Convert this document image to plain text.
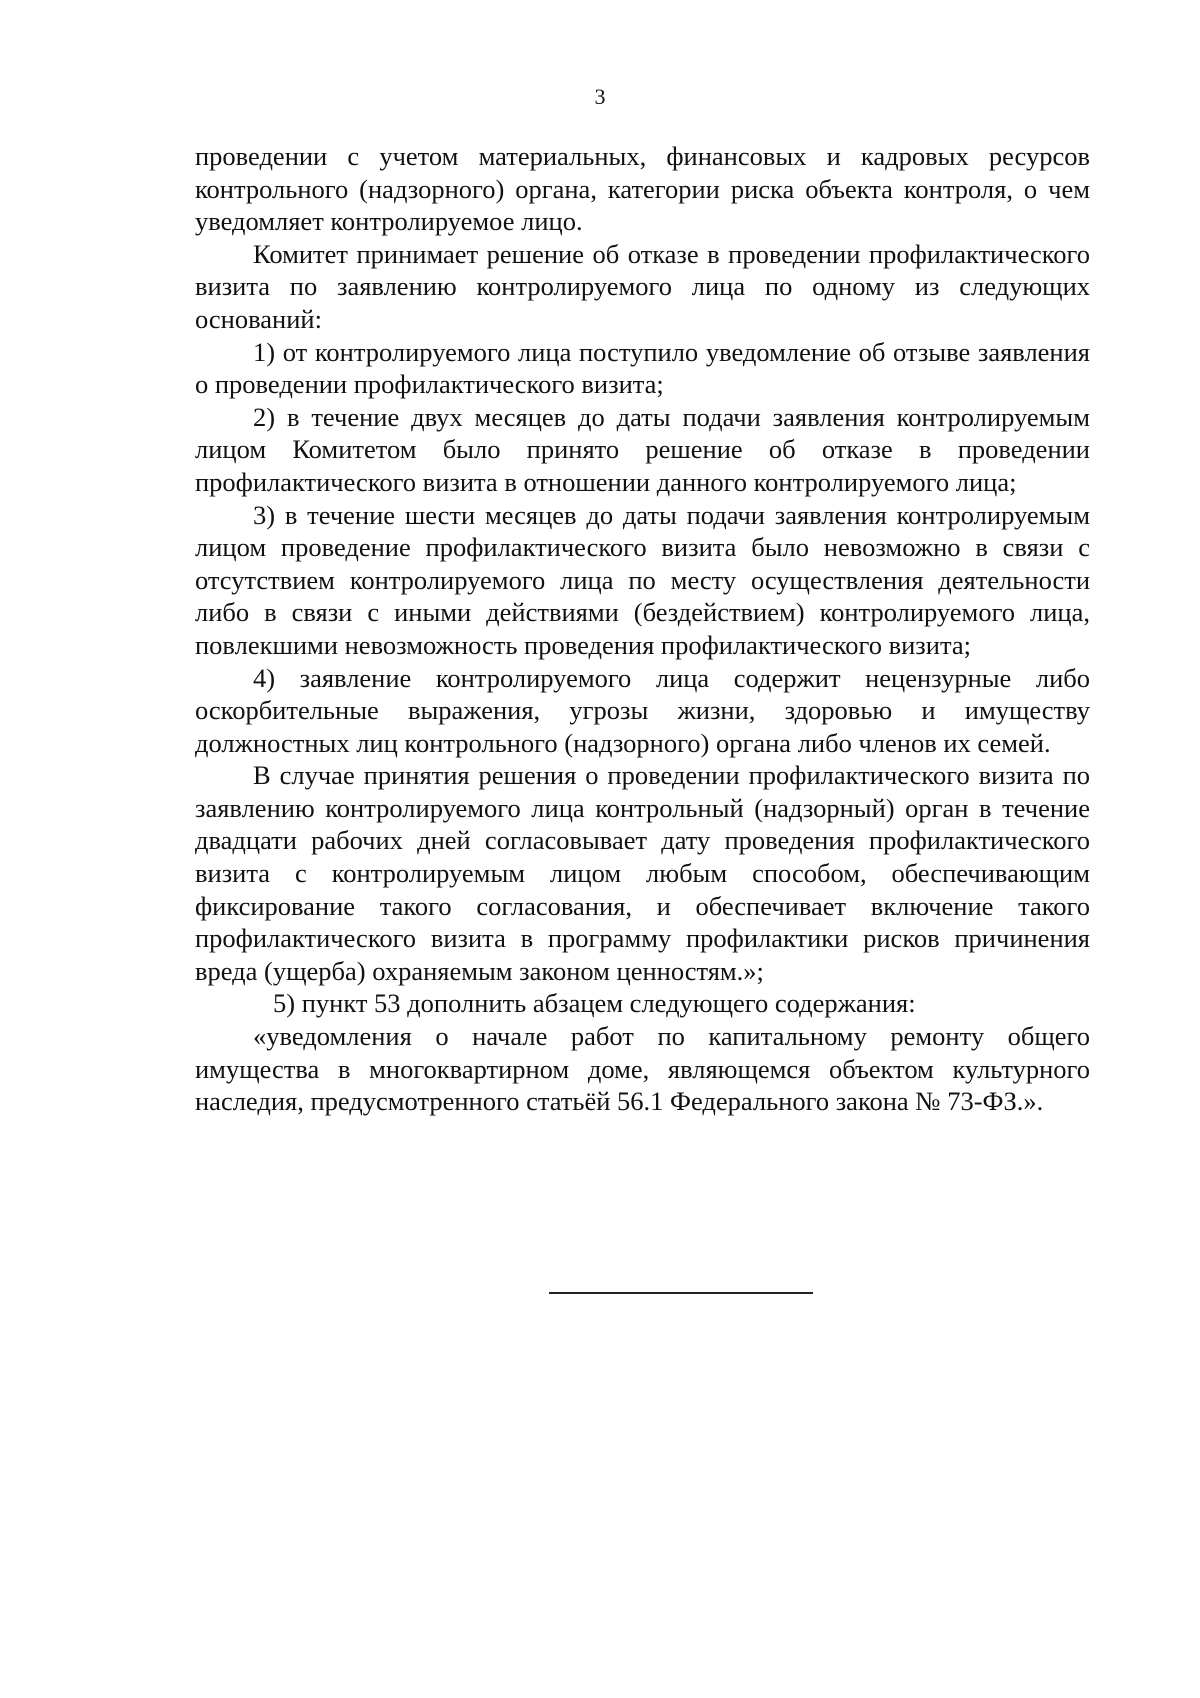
3

проведении с учетом материальных, финансовых и кадровых ресурсов контрольного (надзорного) органа, категории риска объекта контроля, о чем уведомляет контролируемое лицо.

Комитет принимает решение об отказе в проведении профилактического визита по заявлению контролируемого лица по одному из следующих оснований:

1) от контролируемого лица поступило уведомление об отзыве заявления о проведении профилактического визита;

2) в течение двух месяцев до даты подачи заявления контролируемым лицом Комитетом было принято решение об отказе в проведении профилактического визита в отношении данного контролируемого лица;

3) в течение шести месяцев до даты подачи заявления контролируемым лицом проведение профилактического визита было невозможно в связи с отсутствием контролируемого лица по месту осуществления деятельности либо в связи с иными действиями (бездействием) контролируемого лица, повлекшими невозможность проведения профилактического визита;

4) заявление контролируемого лица содержит нецензурные либо оскорбительные выражения, угрозы жизни, здоровью и имуществу должностных лиц контрольного (надзорного) органа либо членов их семей.

В случае принятия решения о проведении профилактического визита по заявлению контролируемого лица контрольный (надзорный) орган в течение двадцати рабочих дней согласовывает дату проведения профилактического визита с контролируемым лицом любым способом, обеспечивающим фиксирование такого согласования, и обеспечивает включение такого профилактического визита в программу профилактики рисков причинения вреда (ущерба) охраняемым законом ценностям.»;

5) пункт 53 дополнить абзацем следующего содержания:

«уведомления о начале работ по капитальному ремонту общего имущества в многоквартирном доме, являющемся объектом культурного наследия, предусмотренного статьёй 56.1 Федерального закона № 73-ФЗ.».
